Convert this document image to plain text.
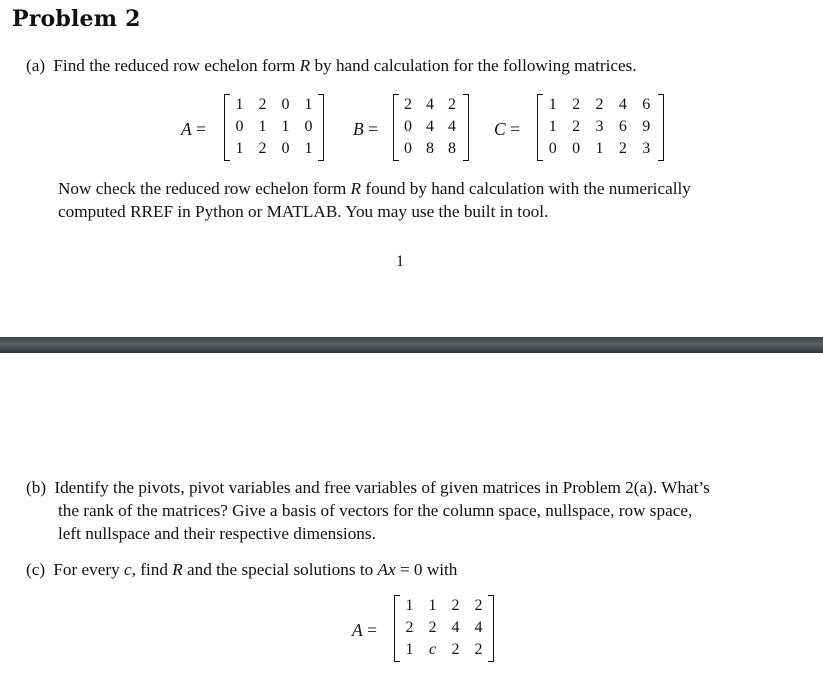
Problem 2
(a) Find the reduced row echelon form R by hand calculation for the following matrices.
A =
1 2 0 1
0 1 1 0
1 2 0 1
B =
2 4 2
0 4 4
0 8 8
C =
1 2 2 4 6
1 2 3 6 9
0 0 1 2 3
Now check the reduced row echelon form R found by hand calculation with the numerically
computed RREF in Python or MATLAB. You may use the built in tool.
1
(b) Identify the pivots, pivot variables and free variables of given matrices in Problem 2(a). What’s
the rank of the matrices? Give a basis of vectors for the column space, nullspace, row space,
left nullspace and their respective dimensions.
(c) For every c, find R and the special solutions to Ax = 0 with
A =
1 1 2 2
2 2 4 4
1 c 2 2
